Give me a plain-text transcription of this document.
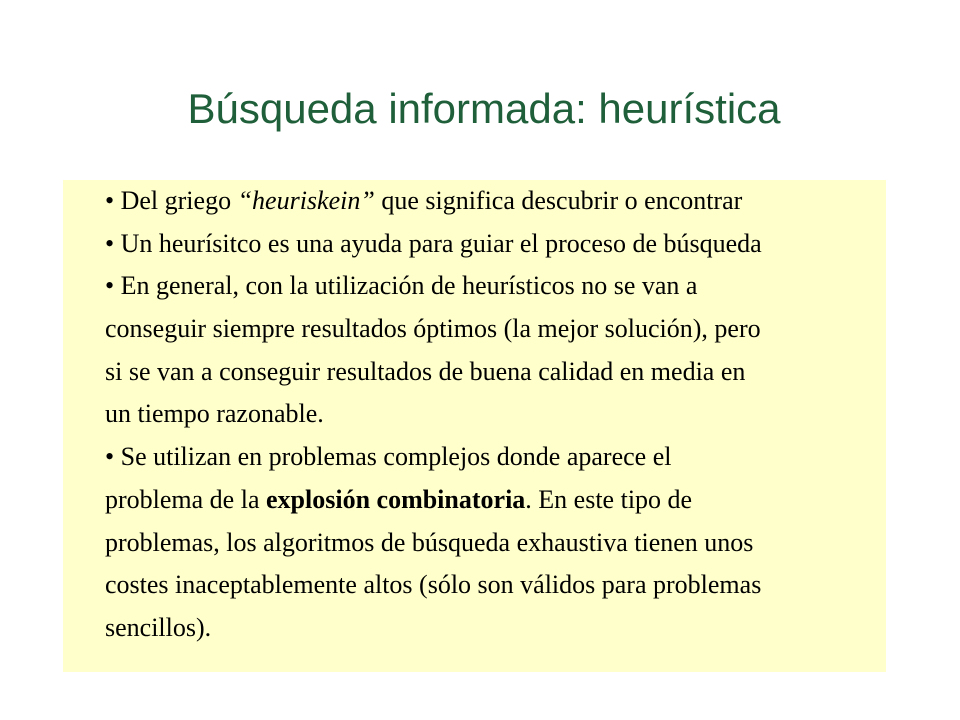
Búsqueda informada: heurística
• Del griego “heuriskein” que significa descubrir o encontrar
• Un heurísitco es una ayuda para guiar el proceso de búsqueda
• En general, con la utilización de heurísticos no se van a
conseguir siempre resultados óptimos (la mejor solución), pero
si se van a conseguir resultados de buena calidad en media en
un tiempo razonable.
• Se utilizan en problemas complejos donde aparece el
problema de la explosión combinatoria. En este tipo de
problemas, los algoritmos de búsqueda exhaustiva tienen unos
costes inaceptablemente altos (sólo son válidos para problemas
sencillos).
